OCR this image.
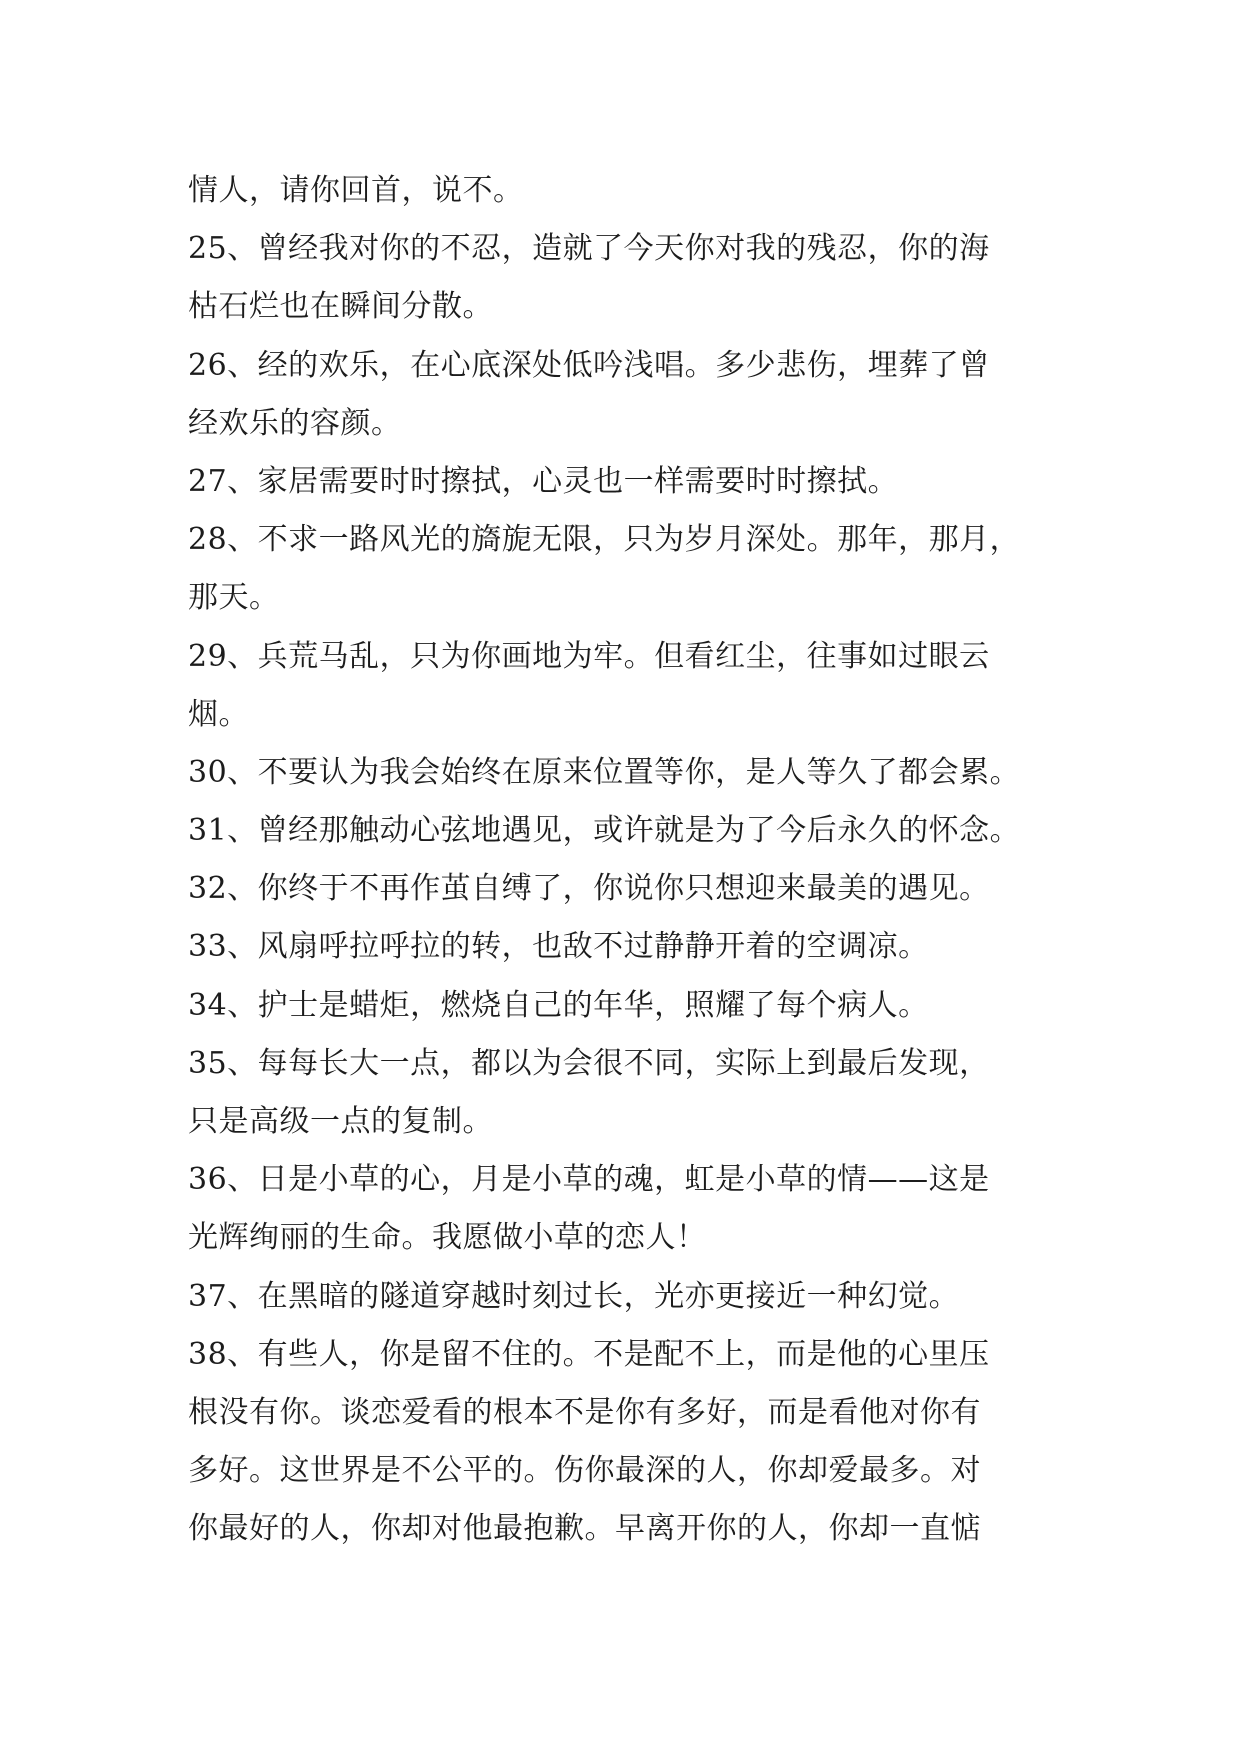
情人，请你回首，说不。
25、曾经我对你的不忍，造就了今天你对我的残忍，你的海
枯石烂也在瞬间分散。
26、经的欢乐，在心底深处低吟浅唱。多少悲伤，埋葬了曾
经欢乐的容颜。
27、家居需要时时擦拭，心灵也一样需要时时擦拭。
28、不求一路风光的旖旎无限，只为岁月深处。那年，那月，
那天。
29、兵荒马乱，只为你画地为牢。但看红尘，往事如过眼云
烟。
30、不要认为我会始终在原来位置等你，是人等久了都会累。
31、曾经那触动心弦地遇见，或许就是为了今后永久的怀念。
32、你终于不再作茧自缚了，你说你只想迎来最美的遇见。
33、风扇呼拉呼拉的转，也敌不过静静开着的空调凉。
34、护士是蜡炬，燃烧自己的年华，照耀了每个病人。
35、每每长大一点，都以为会很不同，实际上到最后发现，
只是高级一点的复制。
36、日是小草的心，月是小草的魂，虹是小草的情——这是
光辉绚丽的生命。我愿做小草的恋人！
37、在黑暗的隧道穿越时刻过长，光亦更接近一种幻觉。
38、有些人，你是留不住的。不是配不上，而是他的心里压
根没有你。谈恋爱看的根本不是你有多好，而是看他对你有
多好。这世界是不公平的。伤你最深的人，你却爱最多。对
你最好的人，你却对他最抱歉。早离开你的人，你却一直惦
